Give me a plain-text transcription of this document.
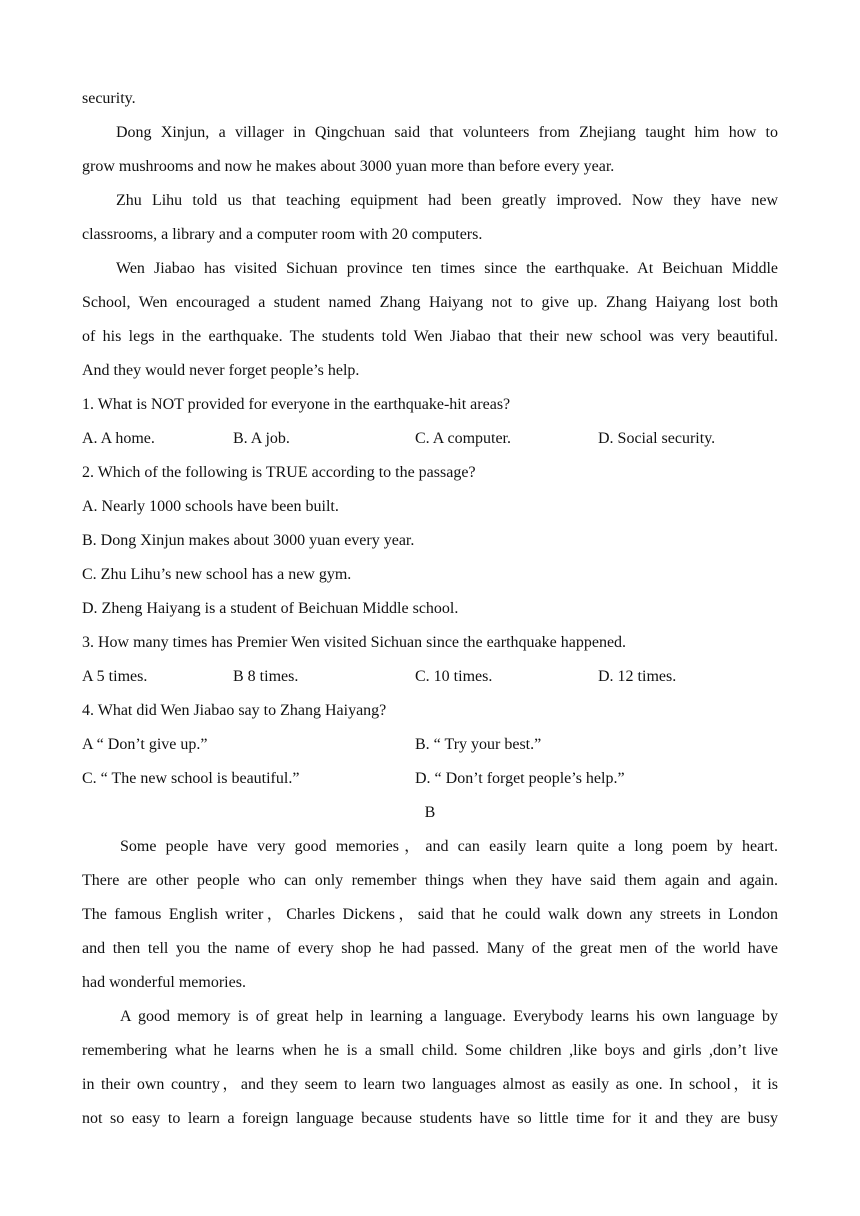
security.
Dong Xinjun, a villager in Qingchuan said that volunteers from Zhejiang taught him how to
grow mushrooms and now he makes about 3000 yuan more than before every year.
Zhu Lihu told us that teaching equipment had been greatly improved. Now they have new
classrooms, a library and a computer room with 20 computers.
Wen Jiabao has visited Sichuan province ten times since the earthquake. At Beichuan Middle
School, Wen encouraged a student named Zhang Haiyang not to give up. Zhang Haiyang lost both
of his legs in the earthquake. The students told Wen Jiabao that their new school was very beautiful.
And they would never forget people’s help.
1. What is NOT provided for everyone in the earthquake-hit areas?
A. A home.	B. A job.	C. A computer.	D. Social security.
2. Which of the following is TRUE according to the passage?
A. Nearly 1000 schools have been built.
B. Dong Xinjun makes about 3000 yuan every year.
C. Zhu Lihu’s new school has a new gym.
D. Zheng Haiyang is a student of Beichuan Middle school.
3. How many times has Premier Wen visited Sichuan since the earthquake happened.
A 5 times.	B 8 times.	C. 10 times.	D. 12 times.
4. What did Wen Jiabao say to Zhang Haiyang?
A “ Don’t give up.”	B. “ Try your best.”
C. “ The new school is beautiful.”	D. “ Don’t forget people’s help.”
B
Some people have very good memories，and can easily learn quite a long poem by heart.
There are other people who can only remember things when they have said them again and again.
The famous English writer，Charles Dickens，said that he could walk down any streets in London
and then tell you the name of every shop he had passed. Many of the great men of the world have
had wonderful memories.
A good memory is of great help in learning a language. Everybody learns his own language by
remembering what he learns when he is a small child. Some children ,like boys and girls ,don’t live
in their own country，and they seem to learn two languages almost as easily as one. In school，it is
not so easy to learn a foreign language because students have so little time for it and they are busy
